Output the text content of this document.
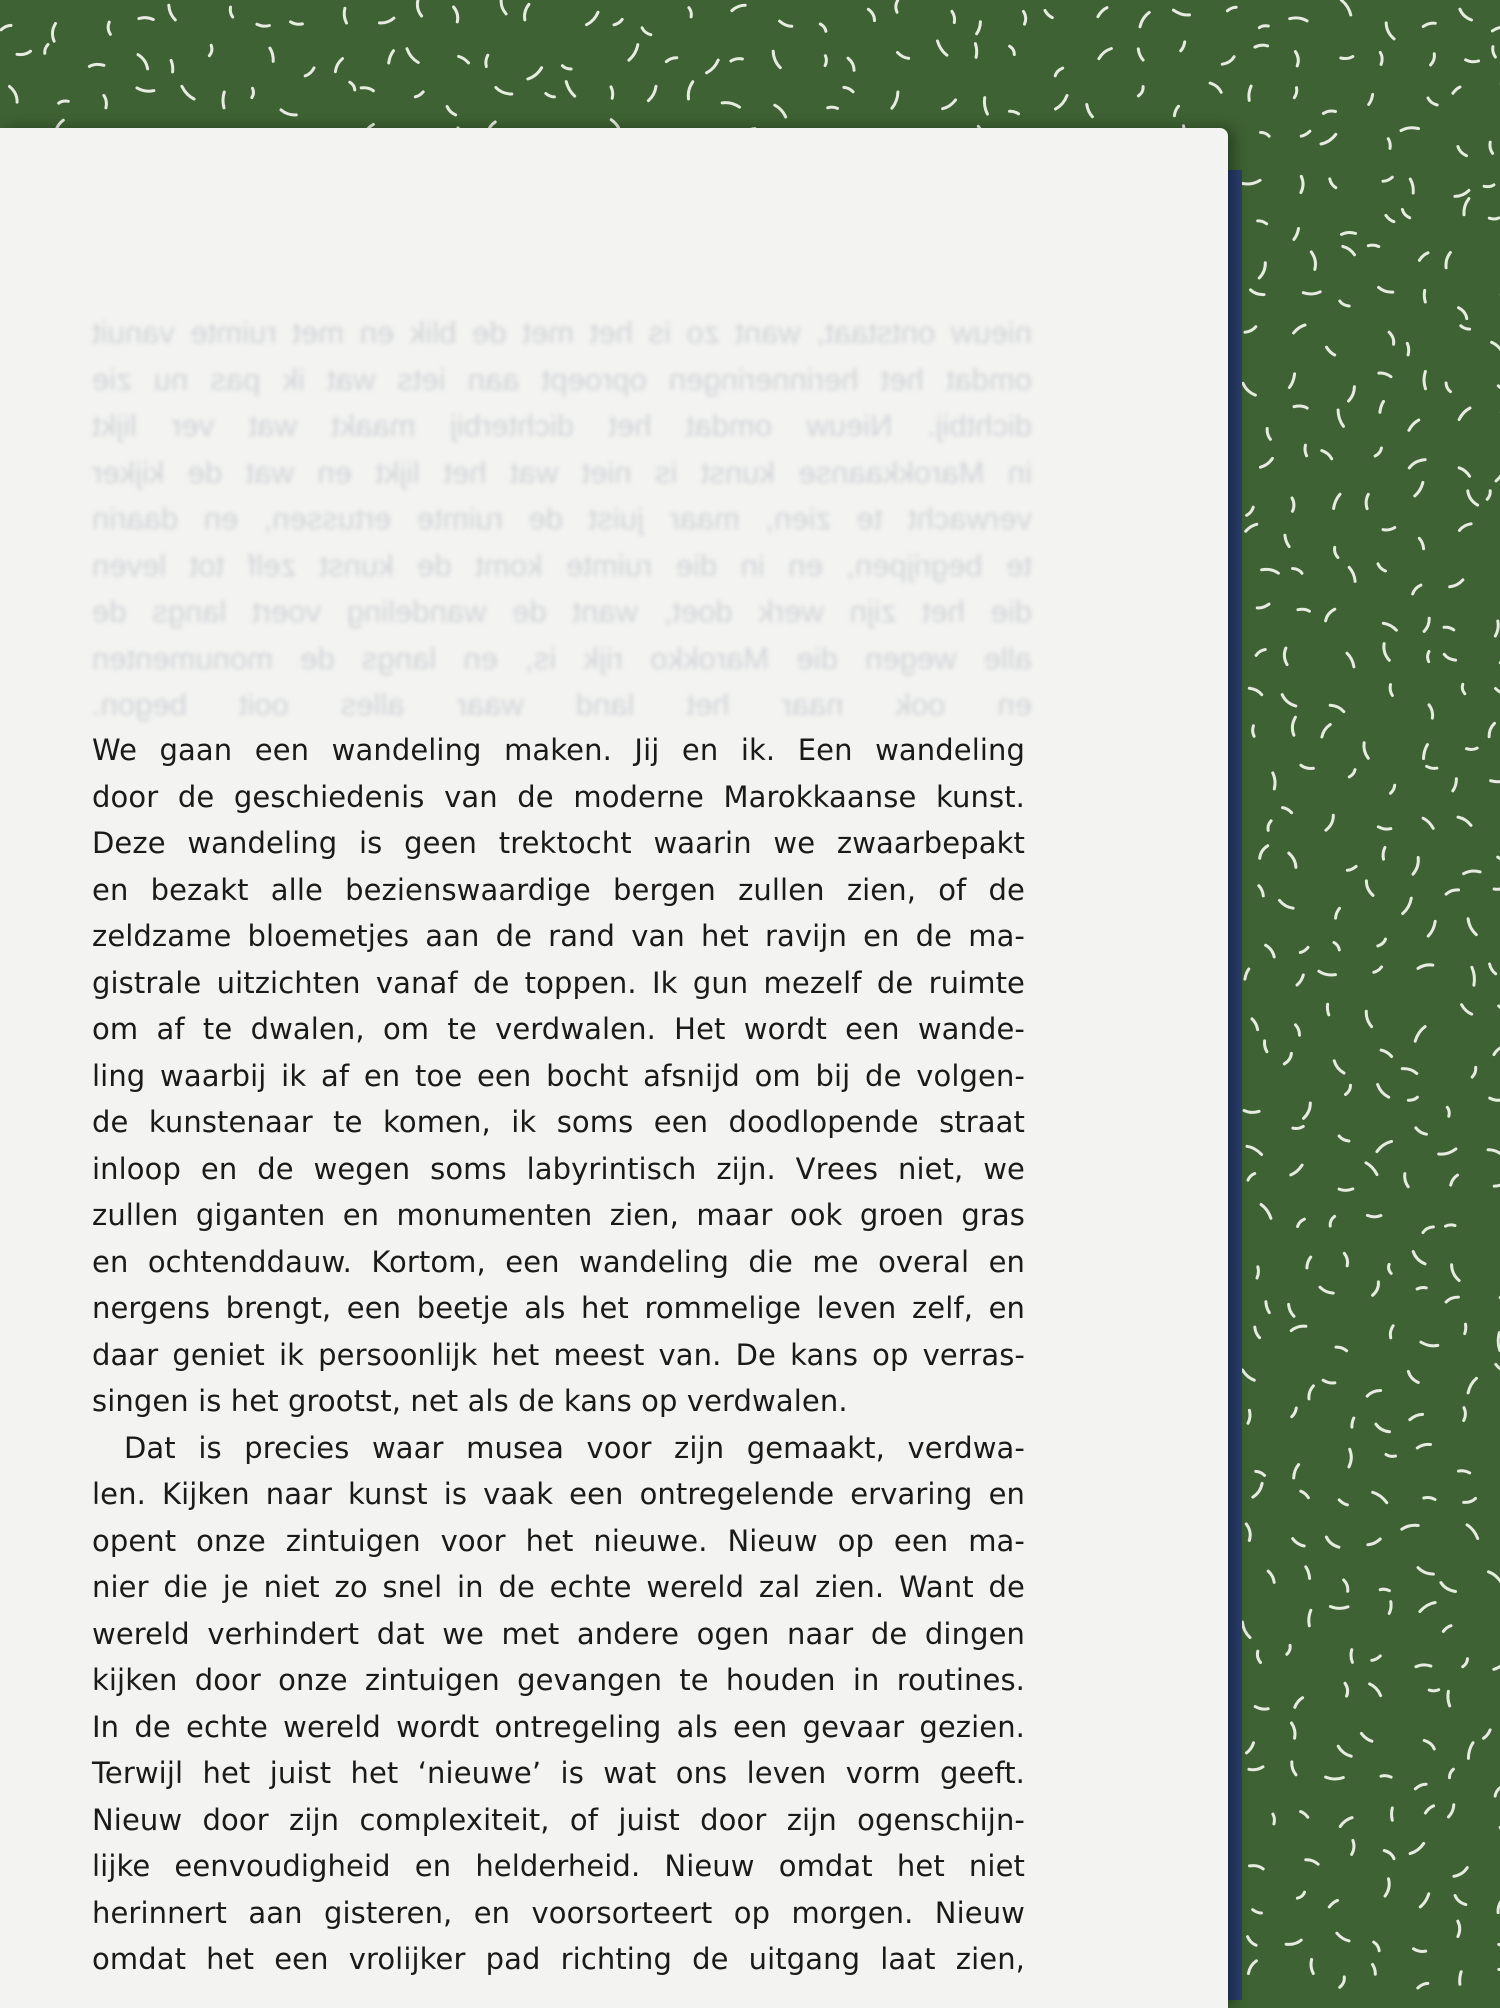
nieuw ontstaat, want zo is het met de blik en met ruimte vanuit
omdat het herinneringen oproept aan iets wat ik pas nu zie
dichtbij. Nieuw omdat het dichterbij maakt wat ver lijkt
in Marokkaanse kunst is niet wat het lijkt en wat de kijker
verwacht te zien, maar juist de ruimte ertussen, en daarin
te begrijpen, en in die ruimte komt de kunst zelf tot leven
die het zijn werk doet, want de wandeling voert langs de
alle wegen die Marokko rijk is, en langs de monumenten
en ook naar het land waar alles ooit begon.
We gaan een wandeling maken. Jij en ik. Een wandeling
door de geschiedenis van de moderne Marokkaanse kunst.
Deze wandeling is geen trektocht waarin we zwaarbepakt
en bezakt alle bezienswaardige bergen zullen zien, of de
zeldzame bloemetjes aan de rand van het ravijn en de ma-
gistrale uitzichten vanaf de toppen. Ik gun mezelf de ruimte
om af te dwalen, om te verdwalen. Het wordt een wande-
ling waarbij ik af en toe een bocht afsnijd om bij de volgen-
de kunstenaar te komen, ik soms een doodlopende straat
inloop en de wegen soms labyrintisch zijn. Vrees niet, we
zullen giganten en monumenten zien, maar ook groen gras
en ochtenddauw. Kortom, een wandeling die me overal en
nergens brengt, een beetje als het rommelige leven zelf, en
daar geniet ik persoonlijk het meest van. De kans op verras-
singen is het grootst, net als de kans op verdwalen.
Dat is precies waar musea voor zijn gemaakt, verdwa-
len. Kijken naar kunst is vaak een ontregelende ervaring en
opent onze zintuigen voor het nieuwe. Nieuw op een ma-
nier die je niet zo snel in de echte wereld zal zien. Want de
wereld verhindert dat we met andere ogen naar de dingen
kijken door onze zintuigen gevangen te houden in routines.
In de echte wereld wordt ontregeling als een gevaar gezien.
Terwijl het juist het ‘nieuwe’ is wat ons leven vorm geeft.
Nieuw door zijn complexiteit, of juist door zijn ogenschijn-
lijke eenvoudigheid en helderheid. Nieuw omdat het niet
herinnert aan gisteren, en voorsorteert op morgen. Nieuw
omdat het een vrolijker pad richting de uitgang laat zien,
